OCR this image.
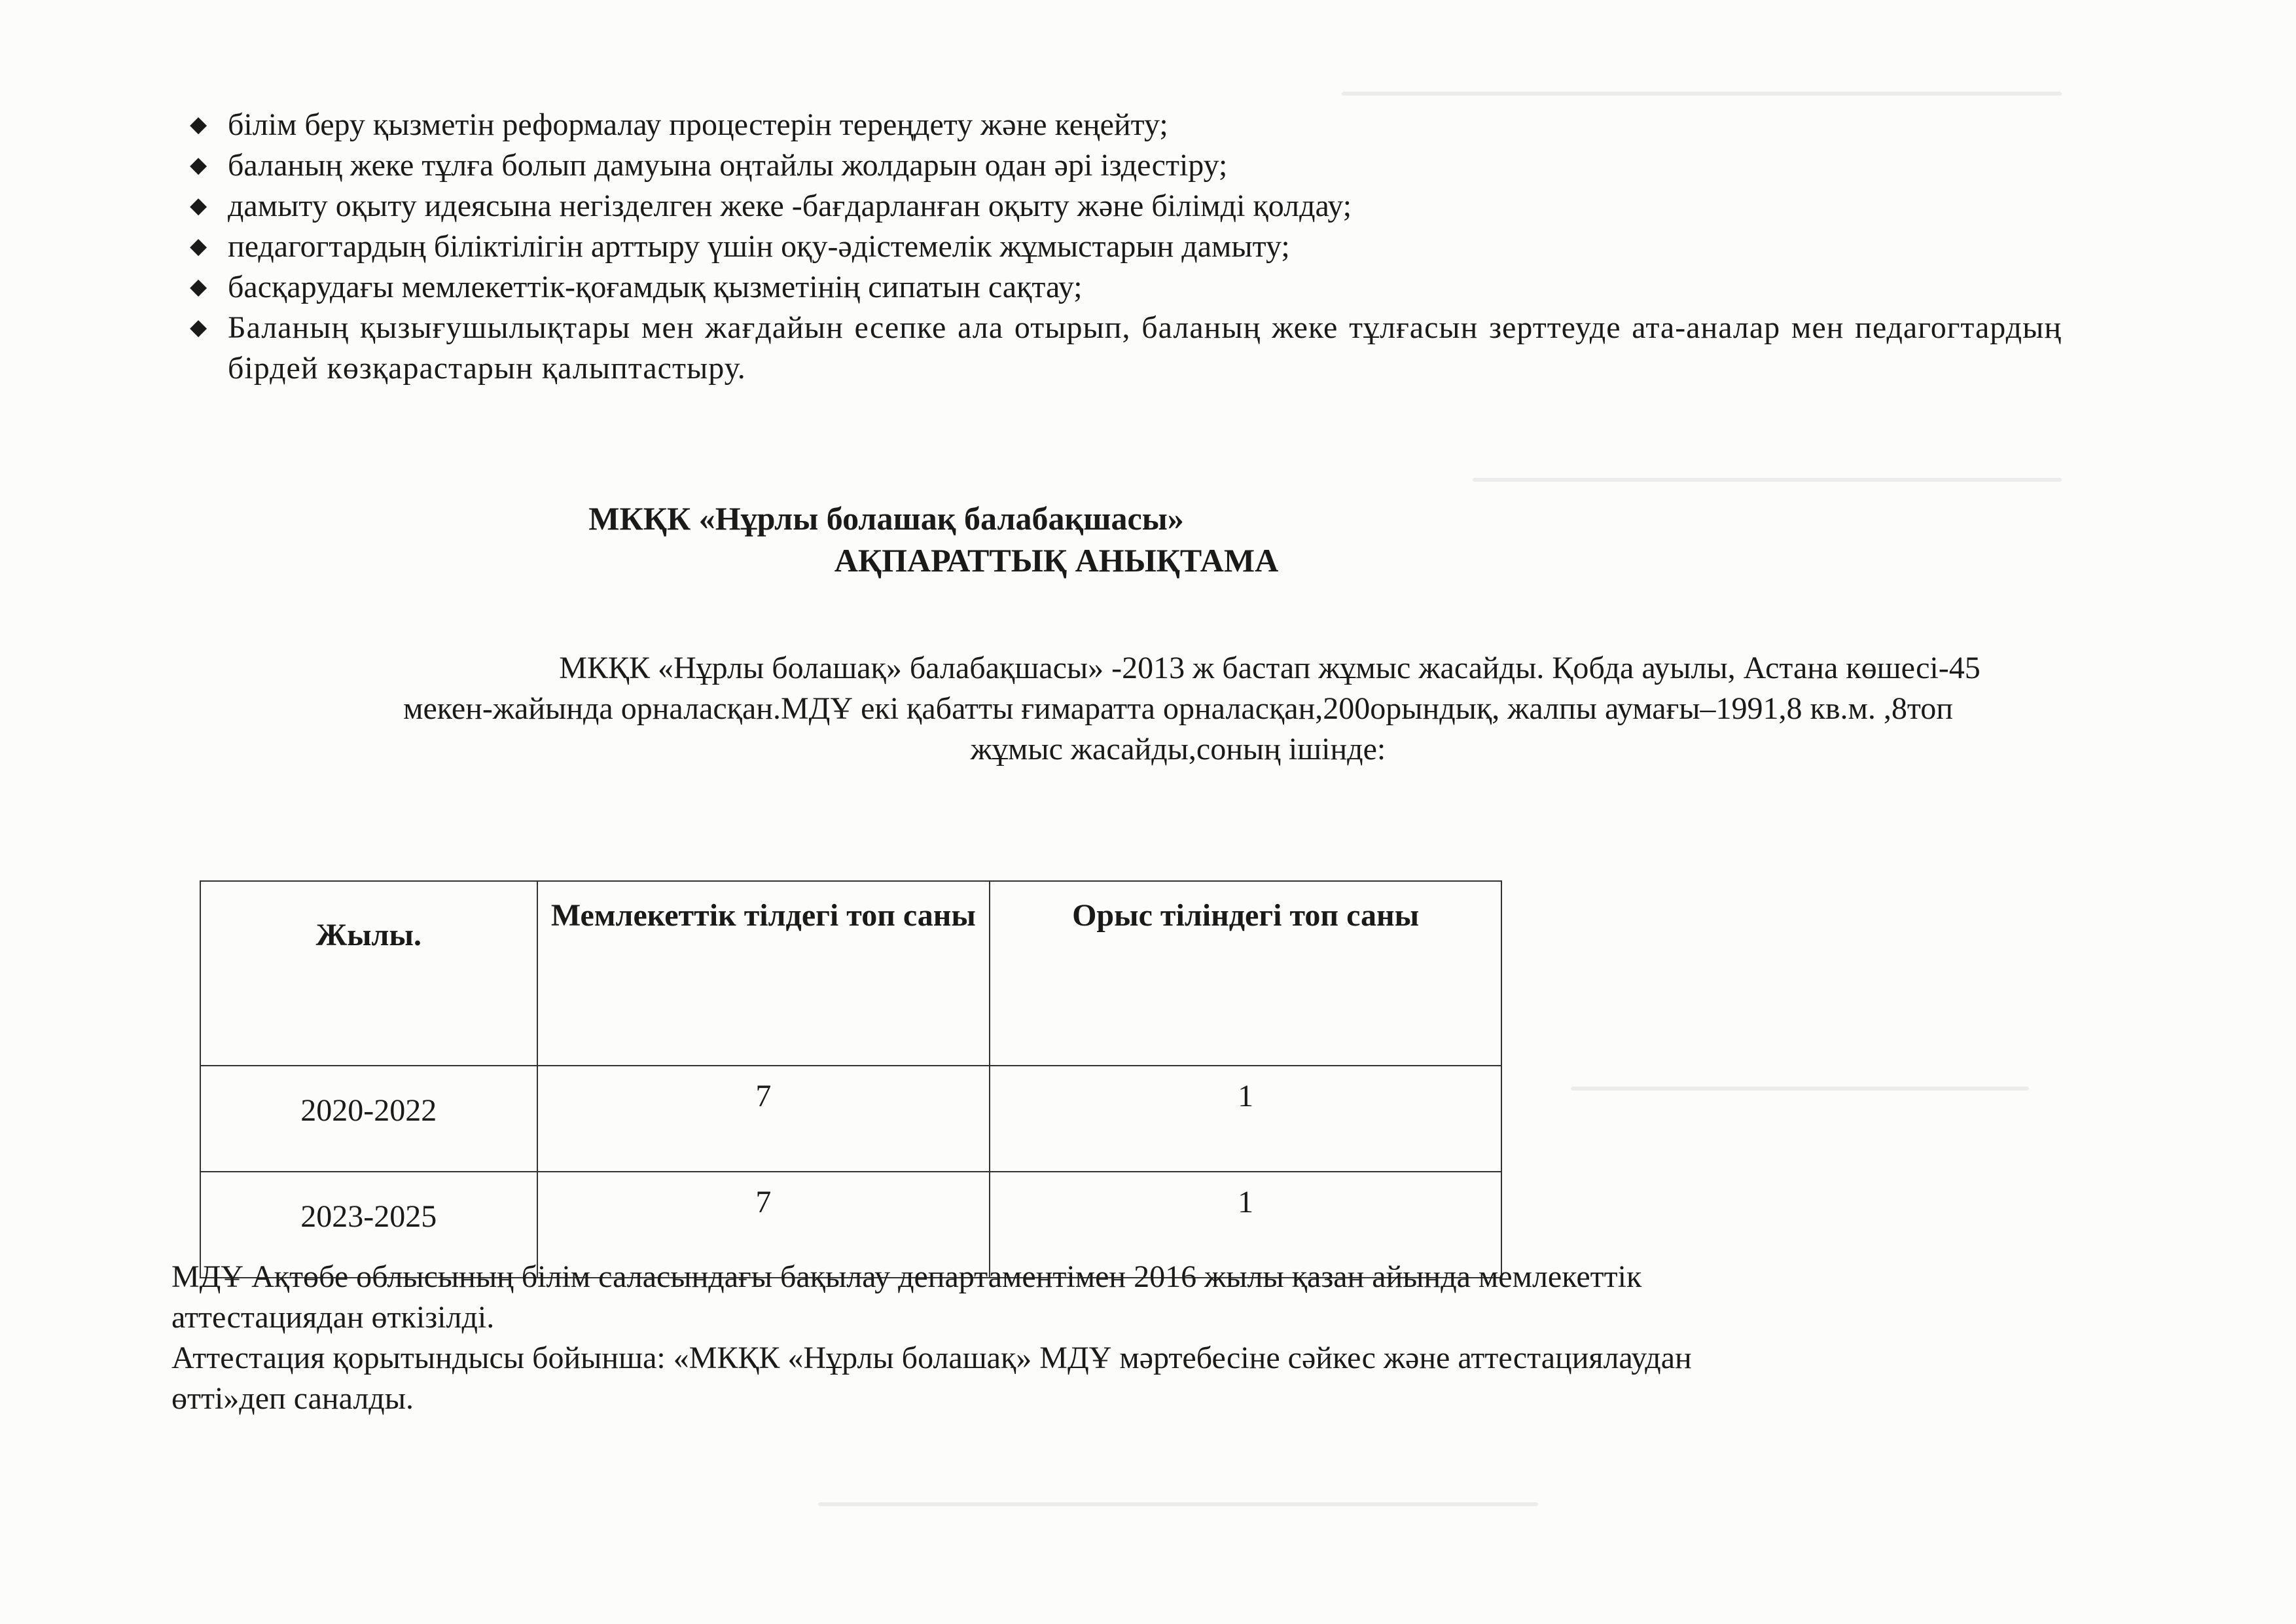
◆ білім беру қызметін реформалау процестерін тереңдету және кеңейту;

◆ баланың жеке тұлға болып дамуына оңтайлы жолдарын одан әрі іздестіру;

◆ дамыту оқыту идеясына негізделген жеке -бағдарланған оқыту және білімді қолдау;

◆ педагогтардың біліктілігін арттыру үшін оқу-әдістемелік жұмыстарын дамыту;

◆ басқарудағы мемлекеттік-қоғамдық қызметінің сипатын сақтау;

◆ Баланың қызығушылықтары мен жағдайын есепке ала отырып, баланың жеке тұлғасын зерттеуде ата-аналар мен педагогтардың бірдей көзқарастарын қалыптастыру.

МКҚК «Нұрлы болашақ балабақшасы»
АҚПАРАТТЫҚ АНЫҚТАМА

МКҚК «Нұрлы болашақ» балабақшасы» -2013 ж бастап жұмыс жасайды. Қобда ауылы, Астана көшесі-45

мекен-жайында орналасқан.МДҰ екі қабатты ғимаратта орналасқан,200орындық, жалпы аумағы–1991,8 кв.м. ,8топ

жұмыс жасайды,соның ішінде:

Жылы.	Мемлекеттік тілдегі топ саны	Орыс тіліндегі топ саны
2020-2022	7	1
2023-2025	7	1

МДҰ Ақтөбе облысының білім саласындағы бақылау департаментімен 2016 жылы қазан айында мемлекеттік

аттестациядан өткізілді.

Аттестация қорытындысы бойынша: «МКҚК «Нұрлы болашақ» МДҰ мәртебесіне сәйкес және аттестациялаудан

өтті»деп саналды.
